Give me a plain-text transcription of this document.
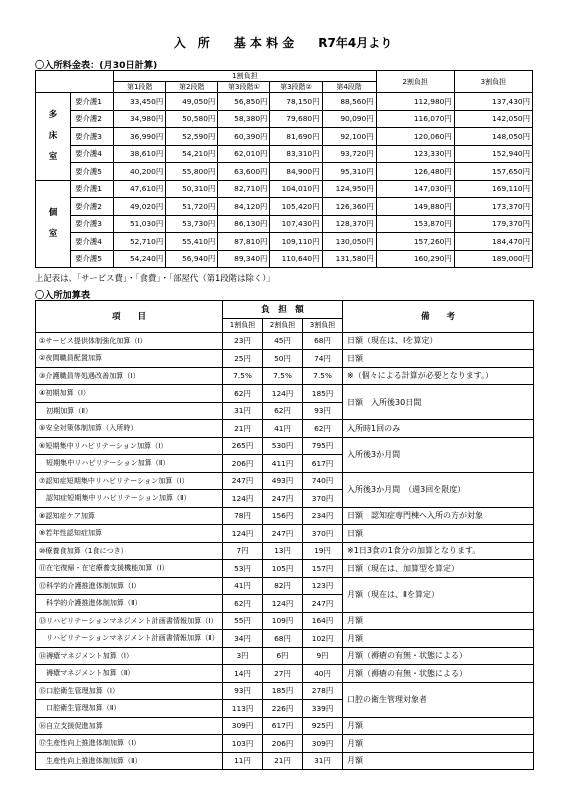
入　所　　基 本 料 金　　R7年4月より
〇入所料金表：(月30日計算)
		1割負担					2割負担	3割負担
		第1段階	第2段階	第3段階①	第3段階②	第4段階		
多
床
室	要介護1	33,450円	49,050円	56,850円	78,150円	88,560円	112,980円	137,430円
	要介護2	34,980円	50,580円	58,380円	79,680円	90,090円	116,070円	142,050円
	要介護3	36,990円	52,590円	60,390円	81,690円	92,100円	120,060円	148,050円
	要介護4	38,610円	54,210円	62,010円	83,310円	93,720円	123,330円	152,940円
	要介護5	40,200円	55,800円	63,600円	84,900円	95,310円	126,480円	157,650円
個
室	要介護1	47,610円	50,310円	82,710円	104,010円	124,950円	147,030円	169,110円
	要介護2	49,020円	51,720円	84,120円	105,420円	126,360円	149,880円	173,370円
	要介護3	51,030円	53,730円	86,130円	107,430円	128,370円	153,870円	179,370円
	要介護4	52,710円	55,410円	87,810円	109,110円	130,050円	157,260円	184,470円
	要介護5	54,240円	56,940円	89,340円	110,640円	131,580円	160,290円	189,000円
上記表は、「サービス費」・「食費」・「部屋代（第1段階は除く）」
〇入所加算表
項　　目	負　担　額			備　　考
	1割負担	2割負担	3割負担	
①サービス提供体制強化加算（Ⅰ）	23円	45円	68円	日額（現在は、Ⅰを算定）
②夜間職員配置加算	25円	50円	74円	日額
③介護職員等処遇改善加算（Ⅰ）	7.5%	7.5%	7.5%	※（個々による計算が必要となります。）
④初期加算（Ⅰ）	62円	124円	185円	日額　入所後30日間
初期加算（Ⅱ）	31円	62円	93円	
⑤安全対策体制加算（入所時）	21円	41円	62円	入所時1回のみ
⑥短期集中リハビリテーション加算（Ⅰ）	265円	530円	795円	入所後3か月間
短期集中リハビリテーション加算（Ⅱ）	206円	411円	617円	
⑦認知症短期集中リハビリテーション加算（Ⅰ）	247円	493円	740円	入所後3か月間　（週3回を限度）
認知症短期集中リハビリテーション加算（Ⅱ）	124円	247円	370円	
⑧認知症ケア加算	78円	156円	234円	日額　認知症専門棟へ入所の方が対象
⑨若年性認知症加算	124円	247円	370円	日額
⑩療養食加算（1食につき）	7円	13円	19円	※1日3食の1食分の加算となります。
⑪在宅復帰・在宅療養支援機能加算（Ⅰ）	53円	105円	157円	日額（現在は、加算型を算定）
⑫科学的介護推進体制加算（Ⅰ）	41円	82円	123円	月額（現在は、Ⅱを算定）
科学的介護推進体制加算（Ⅱ）	62円	124円	247円	
⑬リハビリテーションマネジメント計画書情報加算（Ⅰ）	55円	109円	164円	月額
リハビリテーションマネジメント計画書情報加算（Ⅱ）	34円	68円	102円	月額
⑭褥瘡マネジメント加算（Ⅰ）	3円	6円	9円	月額（褥瘡の有無・状態による）
褥瘡マネジメント加算（Ⅱ）	14円	27円	40円	月額（褥瘡の有無・状態による）
⑮口腔衛生管理加算（Ⅰ）	93円	185円	278円	口腔の衛生管理対象者
口腔衛生管理加算（Ⅱ）	113円	226円	339円	
⑯自立支援促進加算	309円	617円	925円	月額
⑰生産性向上推進体制加算（Ⅰ）	103円	206円	309円	月額
生産性向上推進体制加算（Ⅱ）	11円	21円	31円	月額
